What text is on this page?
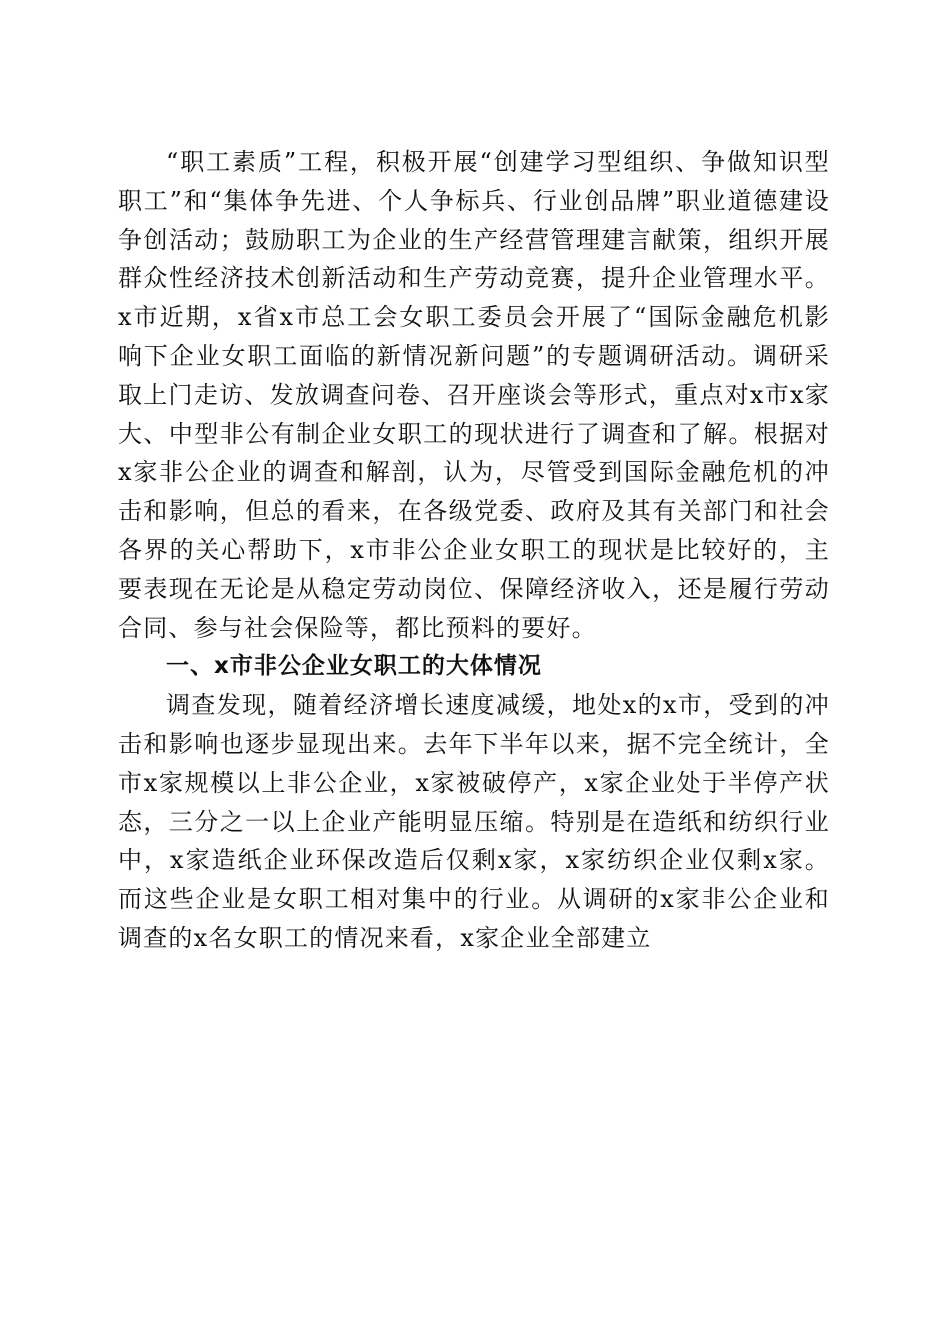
“职工素质”工程，积极开展“创建学习型组织、争做知识型职工”和“集体争先进、个人争标兵、行业创品牌”职业道德建设争创活动；鼓励职工为企业的生产经营管理建言献策，组织开展群众性经济技术创新活动和生产劳动竞赛，提升企业管理水平。x市近期，x省x市总工会女职工委员会开展了“国际金融危机影响下企业女职工面临的新情况新问题”的专题调研活动。调研采取上门走访、发放调查问卷、召开座谈会等形式，重点对x市x家大、中型非公有制企业女职工的现状进行了调查和了解。根据对x家非公企业的调查和解剖，认为，尽管受到国际金融危机的冲击和影响，但总的看来，在各级党委、政府及其有关部门和社会各界的关心帮助下，x市非公企业女职工的现状是比较好的，主要表现在无论是从稳定劳动岗位、保障经济收入，还是履行劳动合同、参与社会保险等，都比预料的要好。

一、x市非公企业女职工的大体情况

调查发现，随着经济增长速度减缓，地处x的x市，受到的冲击和影响也逐步显现出来。去年下半年以来，据不完全统计，全市x家规模以上非公企业，x家被破停产，x家企业处于半停产状态，三分之一以上企业产能明显压缩。特别是在造纸和纺织行业中，x家造纸企业环保改造后仅剩x家，x家纺织企业仅剩x家。而这些企业是女职工相对集中的行业。从调研的x家非公企业和调查的x名女职工的情况来看，x家企业全部建立
